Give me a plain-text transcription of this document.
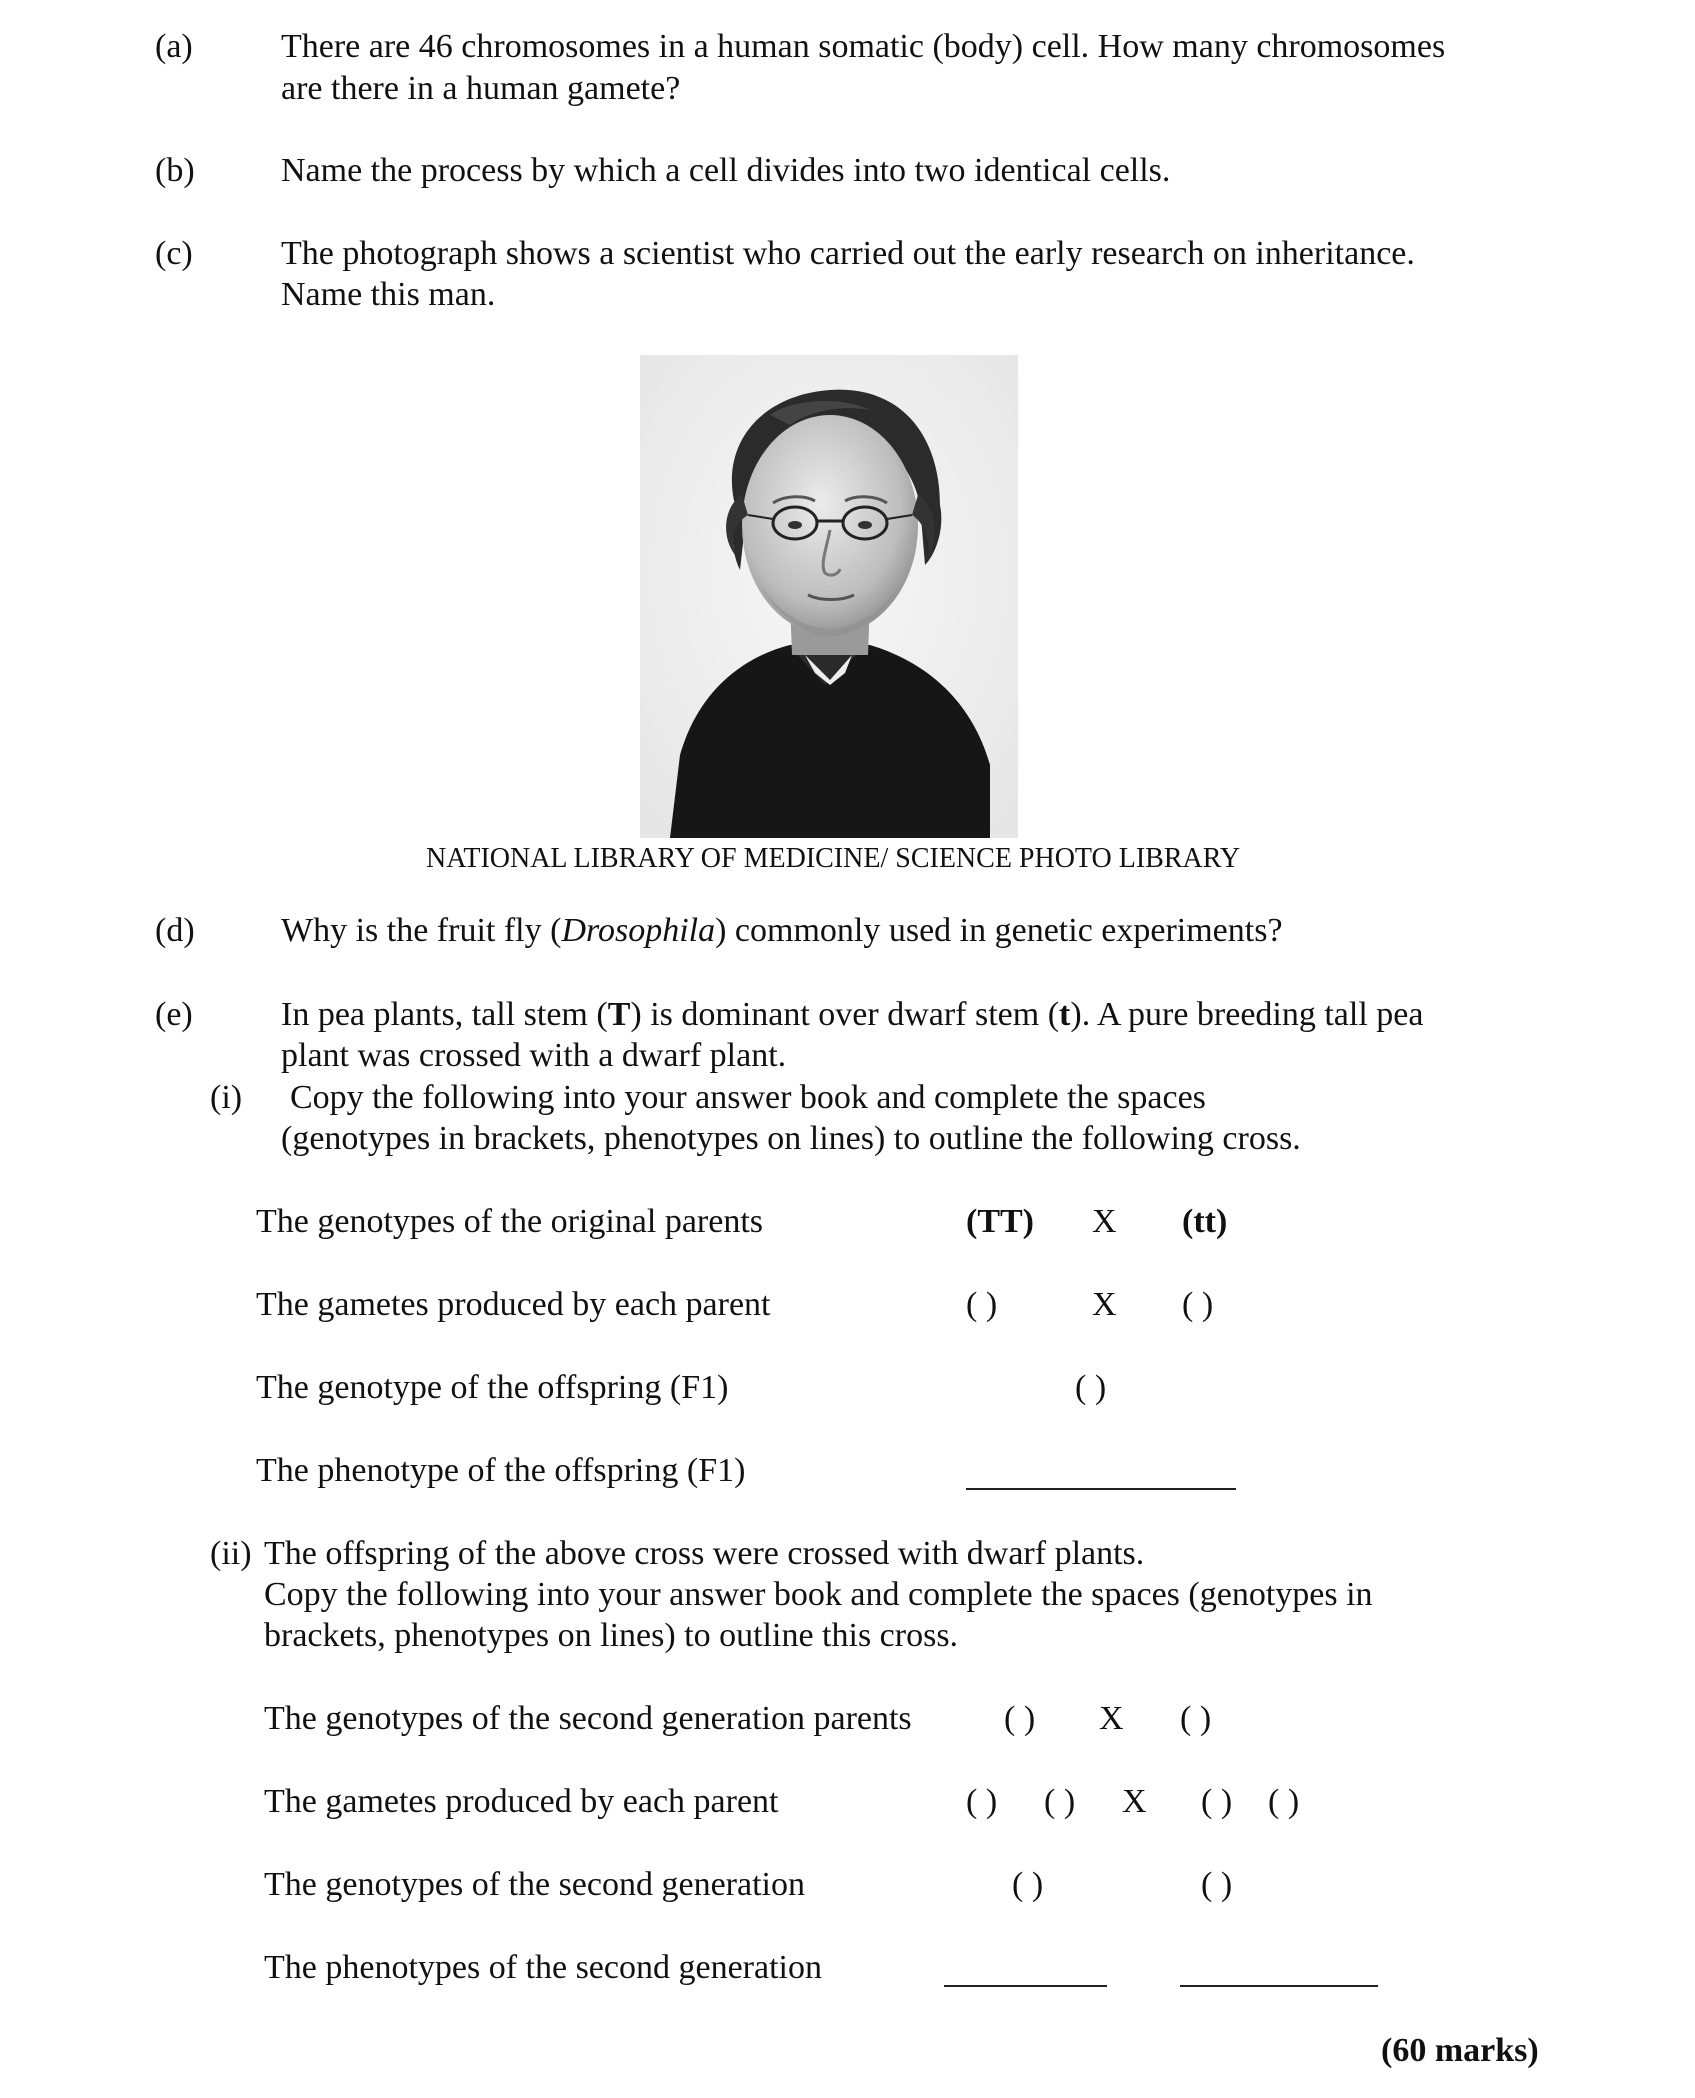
(a)	There are 46 chromosomes in a human somatic (body) cell. How many chromosomes
are there in a human gamete?
(b)	Name the process by which a cell divides into two identical cells.
(c)	The photograph shows a scientist who carried out the early research on inheritance.
Name this man.
NATIONAL LIBRARY OF MEDICINE/ SCIENCE PHOTO LIBRARY
(d)	Why is the fruit fly (Drosophila) commonly used in genetic experiments?
(e)	In pea plants, tall stem (T) is dominant over dwarf stem (t). A pure breeding tall pea
plant was crossed with a dwarf plant.
(i) Copy the following into your answer book and complete the spaces
(genotypes in brackets, phenotypes on lines) to outline the following cross.
The genotypes of the original parents	(TT) X (tt)
The gametes produced by each parent	( )	X ( )
The genotype of the offspring (F1)	( )
The phenotype of the offspring (F1)
(ii) The offspring of the above cross were crossed with dwarf plants.
Copy the following into your answer book and complete the spaces (genotypes in
brackets, phenotypes on lines) to outline this cross.
The genotypes of the second generation parents	( ) X ( )
The gametes produced by each parent	( ) ( ) X ( ) ( )
The genotypes of the second generation	( )	( )
The phenotypes of the second generation
(60 marks)
